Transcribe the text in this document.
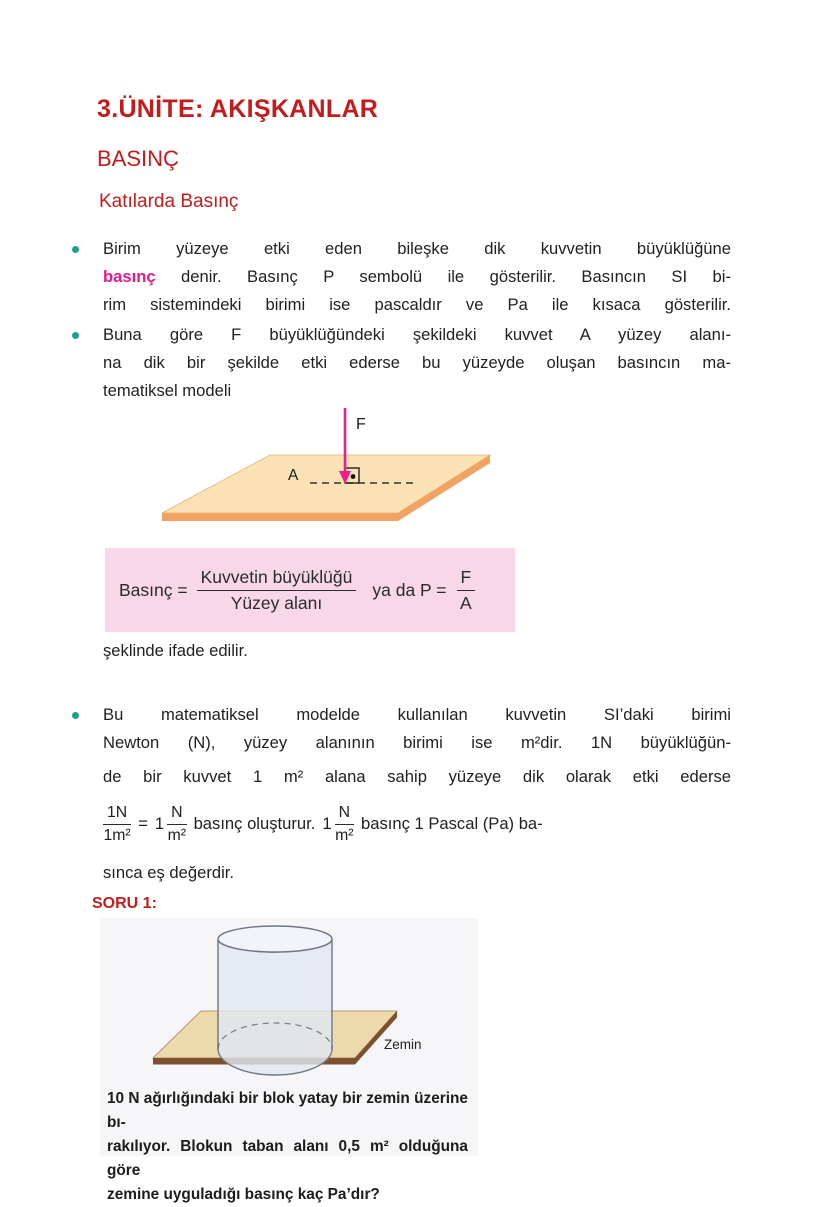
3.ÜNİTE: AKIŞKANLAR
BASINÇ
Katılarda Basınç
Birim yüzeye etki eden bileşke dik kuvvetin büyüklüğüne
basınç denir. Basınç P sembolü ile gösterilir. Basıncın SI bi-
rim sistemindeki birimi ise pascaldır ve Pa ile kısaca gösterilir.
Buna göre F büyüklüğündeki şekildeki kuvvet A yüzey alanı-
na dik bir şekilde etki ederse bu yüzeyde oluşan basıncın ma-
tematiksel modeli
F
A
Basınç = $\frac{\text{Kuvvetin büyüklüğü}}{\text{Yüzey alanı}}$ ya da $P = \frac{F}{A}$
şeklinde ifade edilir.
Bu matematiksel modelde kullanılan kuvvetin SI’daki birimi
Newton (N), yüzey alanının birimi ise m²dir. 1N büyüklüğün-
de bir kuvvet 1 m² alana sahip yüzeye dik olarak etki ederse
$\frac{1N}{\text{1m²}} = 1 \frac{N}{\text{m²}}$ basınç oluşturur. $1 \frac{N}{\text{m²}}$ basınç 1 Pascal (Pa) ba-
sınca eş değerdir.
SORU 1:
Zemin
10 N ağırlığındaki bir blok yatay bir zemin üzerine bı-
rakılıyor. Blokun taban alanı 0,5 m² olduğuna göre
zemine uyguladığı basınç kaç Pa’dır?
